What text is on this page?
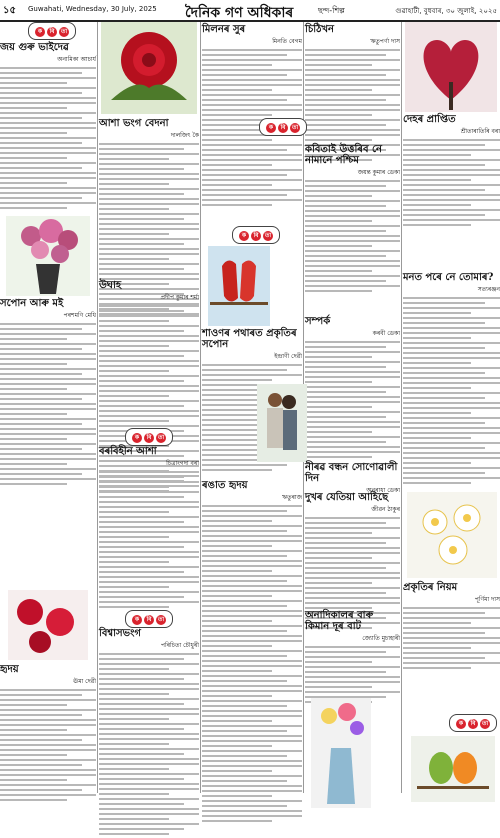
১৫ Guwahati, Wednesday, 30 July, 2025 দৈনিক গণ অধিকাৰ	ছন্দ-শিল্প	গুৱাহাটী, বুধবাৰ, ৩০ জুলাই, ২০২৫
ক বি তা

জয় গুৰু ভাইদেৱ

অনামিকা আচাৰ্য

সপোন আৰু মই

পৰশমণি মেধি

হৃদয়

ঊমা দেৱী

আশা ভংগ বেদনা

দালজিৎ কৈ

উঘাহ

প্ৰদীপ কুমাৰ শৰ্মা

ক বি তা

বৰবিহীন আশা

চিত্ৰাংগদা বৰা

ক বি তা

বিশ্বাসভংগ

পৰিচিতা চৌধুৰী

মিলনৰ সুৰ

মিনতি বেগম

ক বি তা

শাওণৰ পথাৰত প্ৰকৃতিৰ সপোন

ইন্দ্ৰাণী দেৱী

ৰঙাত হৃদয়

ঋতুৰাজ

চিঠিখন

ঋতুপৰ্ণা দাস

ক বি তা

কবিতাই উত্তৰিব নে নামানে পশ্চিম

জয়ন্ত কুমাৰ ডেকা

সম্পৰ্ক

কৰবী ডেকা

নীৰৱ বন্ধন সোণোৱালী দিন

অনুৰাধা ডেকা

দুখৰ যেতিয়া আহিছে

জীৱন ঠাকুৰ

অনাদিকালৰ বাৰু কিমান দূৰ বাট

জ্যোতি মুচাহাৰী

দেহৰ প্ৰাপ্তিত

শ্ৰীতাৰাতিৰি বৰা

মনত পৰে নে তোমাৰ?

সত্যৰঞ্জন

প্ৰকৃতিৰ নিয়ম

পূৰ্ণিমা দাস

ক বি তা
